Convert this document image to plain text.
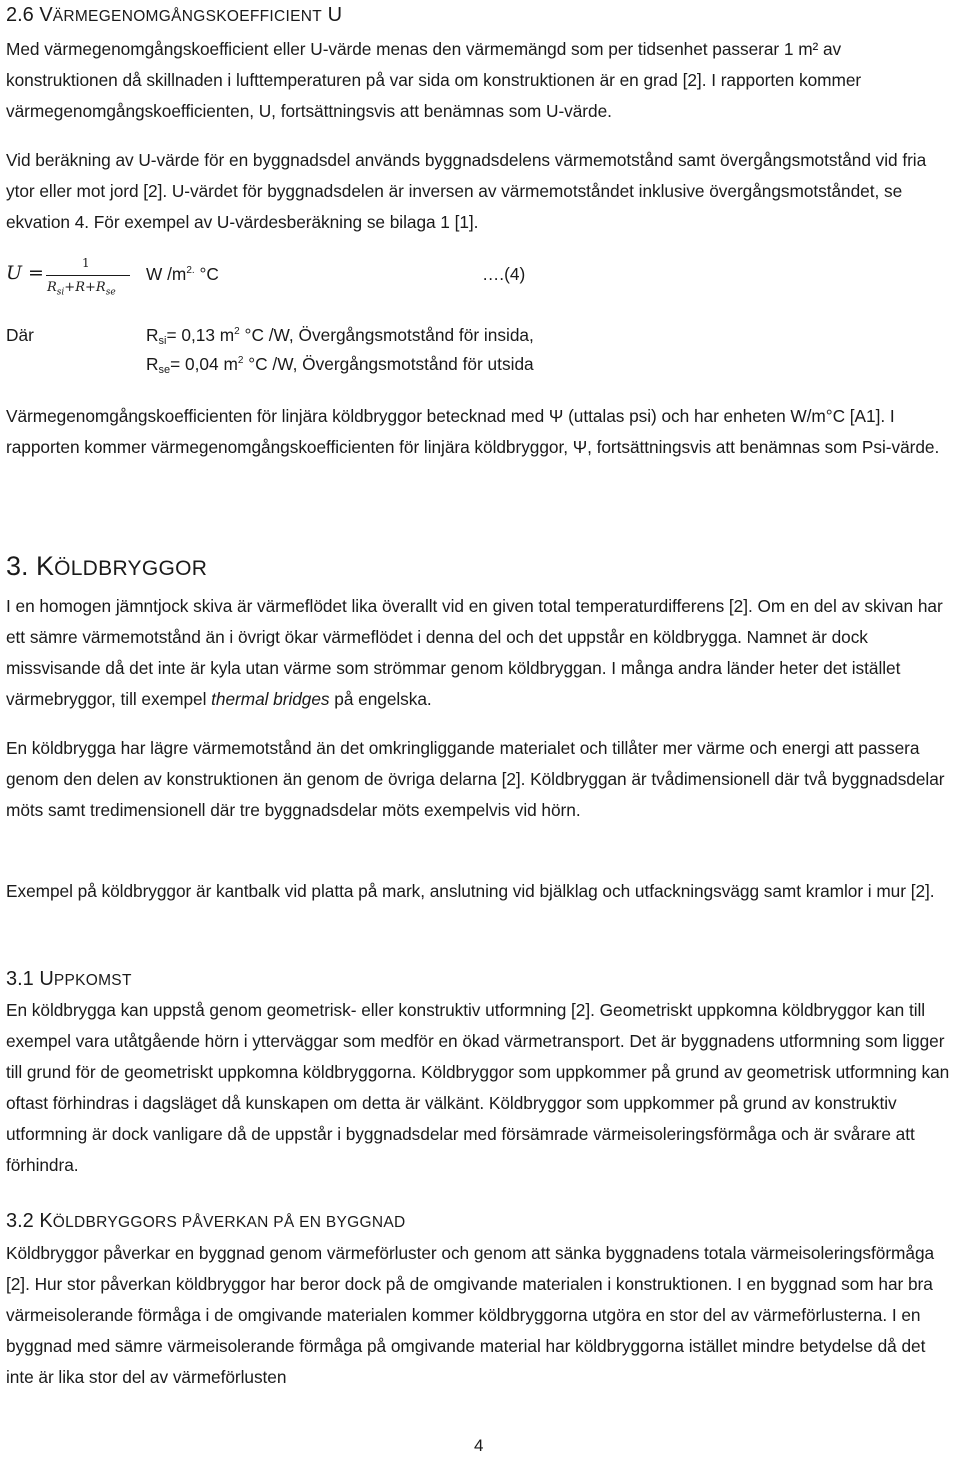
2.6 VÄRMEGENOMGÅNGSKOEFFICIENT U

Med värmegenomgångskoefficient eller U-värde menas den värmemängd som per tidsenhet passerar 1 m² av konstruktionen då skillnaden i lufttemperaturen på var sida om konstruktionen är en grad [2]. I rapporten kommer värmegenomgångskoefficienten, U, fortsättningsvis att benämnas som U-värde.

Vid beräkning av U-värde för en byggnadsdel används byggnadsdelens värmemotstånd samt övergångsmotstånd vid fria ytor eller mot jord [2]. U-värdet för byggnadsdelen är inversen av värmemotståndet inklusive övergångsmotståndet, se ekvation 4. För exempel av U-värdesberäkning se bilaga 1 [1].

U =	1
$R_{si}+R+R_{se}$
W $/m^{2.}$ °C	….(4)
Där	$R_{si}= 0,13$ $m^2$ °C /W, Övergångsmotstånd för insida,
$R_{se}= 0,04$ $m^2$ °C /W, Övergångsmotstånd för utsida

Värmegenomgångskoefficienten för linjära köldbryggor betecknad med Ψ (uttalas psi) och har enheten W/m°C [A1]. I rapporten kommer värmegenomgångskoefficienten för linjära köldbryggor, Ψ, fortsättningsvis att benämnas som Psi-värde.

3. KÖLDBRYGGOR

I en homogen jämntjock skiva är värmeflödet lika överallt vid en given total temperaturdifferens [2]. Om en del av skivan har ett sämre värmemotstånd än i övrigt ökar värmeflödet i denna del och det uppstår en köldbrygga. Namnet är dock missvisande då det inte är kyla utan värme som strömmar genom köldbryggan. I många andra länder heter det istället värmebryggor, till exempel thermal bridges på engelska.

En köldbrygga har lägre värmemotstånd än det omkringliggande materialet och tillåter mer värme och energi att passera genom den delen av konstruktionen än genom de övriga delarna [2]. Köldbryggan är tvådimensionell där två byggnadsdelar möts samt tredimensionell där tre byggnadsdelar möts exempelvis vid hörn.

Exempel på köldbryggor är kantbalk vid platta på mark, anslutning vid bjälklag och utfackningsvägg samt kramlor i mur [2].

3.1 UPPKOMST

En köldbrygga kan uppstå genom geometrisk- eller konstruktiv utformning [2]. Geometriskt uppkomna köldbryggor kan till exempel vara utåtgående hörn i ytterväggar som medför en ökad värmetransport. Det är byggnadens utformning som ligger till grund för de geometriskt uppkomna köldbryggorna. Köldbryggor som uppkommer på grund av geometrisk utformning kan oftast förhindras i dagsläget då kunskapen om detta är välkänt. Köldbryggor som uppkommer på grund av konstruktiv utformning är dock vanligare då de uppstår i byggnadsdelar med försämrade värmeisoleringsförmåga och är svårare att förhindra.

3.2 KÖLDBRYGGORS PÅVERKAN PÅ EN BYGGNAD

Köldbryggor påverkar en byggnad genom värmeförluster och genom att sänka byggnadens totala värmeisoleringsförmåga [2]. Hur stor påverkan köldbryggor har beror dock på de omgivande materialen i konstruktionen. I en byggnad som har bra värmeisolerande förmåga i de omgivande materialen kommer köldbryggorna utgöra en stor del av värmeförlusterna. I en byggnad med sämre värmeisolerande förmåga på omgivande material har köldbryggorna istället mindre betydelse då det inte är lika stor del av värmeförlusten

4
